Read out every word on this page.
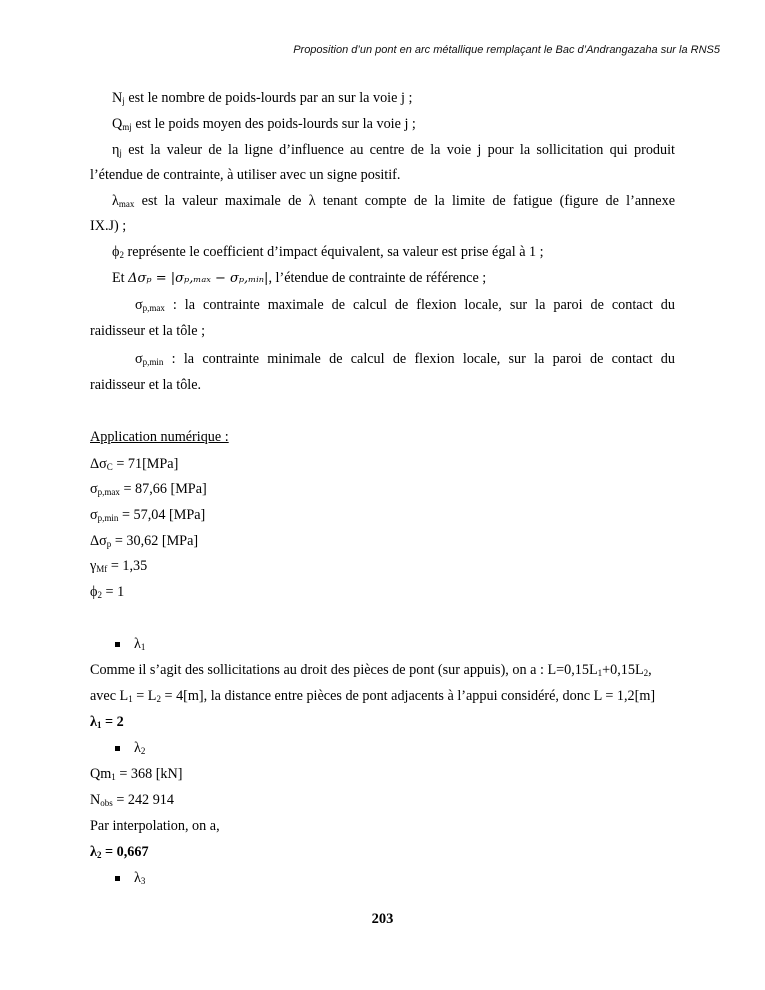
Proposition d’un pont en arc métallique remplaçant le Bac d’Andrangazaha sur la RNS5
$N_j$ est le nombre de poids-lourds par an sur la voie j ;
$Q_{mj}$ est le poids moyen des poids-lourds sur la voie j ;
$\eta_j$ est la valeur de la ligne d’influence au centre de la voie j pour la sollicitation qui produit
l’étendue de contrainte, à utiliser avec un signe positif.
$\lambda_{max}$ est la valeur maximale de λ tenant compte de la limite de fatigue (figure de l’annexe
IX.J) ;
$\phi_2$ représente le coefficient d’impact équivalent, sa valeur est prise égal à 1 ;
Et Δσₚ = |σₚ,ₘₐₓ − σₚ,ₘᵢₙ|, l’étendue de contrainte de référence ;
$\sigma_{p,max}$ : la contrainte maximale de calcul de flexion locale, sur la paroi de contact du
raidisseur et la tôle ;
$\sigma_{p,min}$ : la contrainte minimale de calcul de flexion locale, sur la paroi de contact du
raidisseur et la tôle.
Application numérique :
$\Delta\sigma_C = 71[MPa]$
$\sigma_{p,max} = 87,66$ [MPa]
$\sigma_{p,min} = 57,04$ [MPa]
$\Delta\sigma_p = 30,62$ [MPa]
$\gamma_{Mf} = 1,35$
$\phi_2 = 1$
$\lambda_1$
Comme il s’agit des sollicitations au droit des pièces de pont (sur appuis), on a : $L=0,15L_1+0,15L_2$,
avec $L_1 = L_2 = 4[m]$, la distance entre pièces de pont adjacents à l’appui considéré, donc L = 1,2[m]
$\lambda_1 = 2$
$\lambda_2$
$Qm_1 = 368$ [kN]
$N_{obs} = 242$ 914
Par interpolation, on a,
$\lambda_2 = 0,667$
$\lambda_3$
203
